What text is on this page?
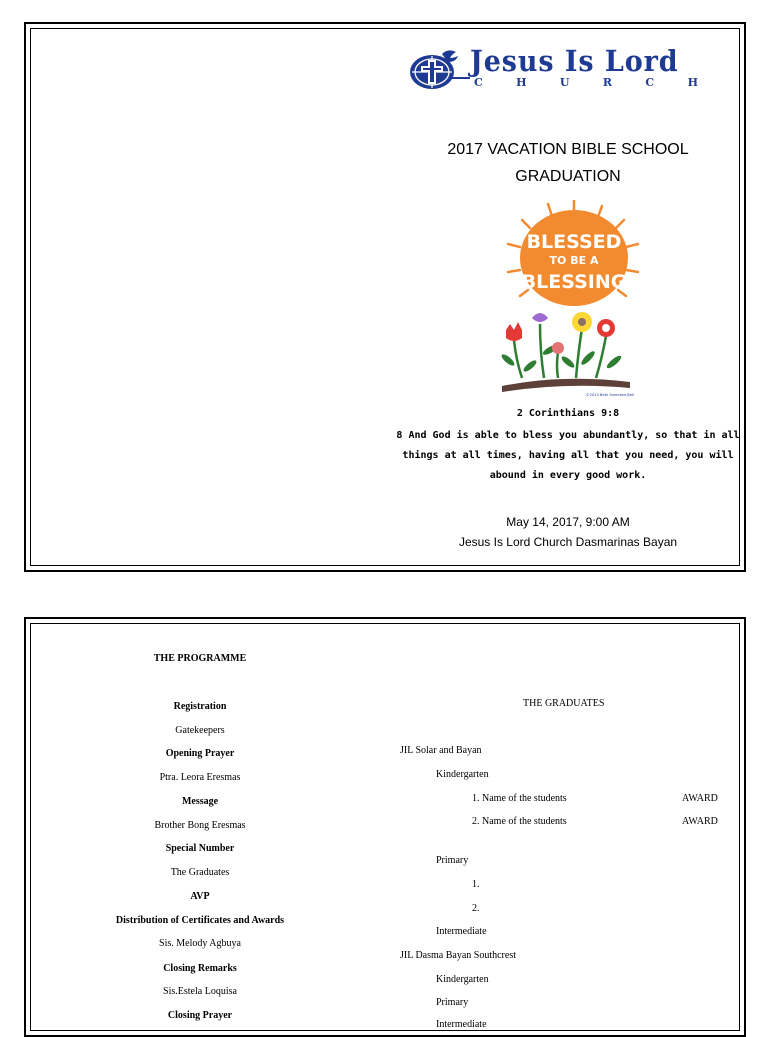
Jesus Is Lord
C	H	U	R	C	H
2017 VACATION BIBLE SCHOOL
GRADUATION
BLESSED
TO BE A
BLESSING
©2013 Beth Sorensen-Bell
2 Corinthians 9:8
8 And God is able to bless you abundantly, so that in all
things at all times, having all that you need, you will
abound in every good work.
May 14, 2017, 9:00 AM
Jesus Is Lord Church Dasmarinas Bayan
THE PROGRAMME
Registration
Gatekeepers
Opening Prayer
Ptra. Leora Eresmas
Message
Brother Bong Eresmas
Special Number
The Graduates
AVP
Distribution of Certificates and Awards
Sis. Melody Agbuya
Closing Remarks
Sis.Estela Loquisa
Closing Prayer
THE GRADUATES
JIL Solar and Bayan
Kindergarten
1. Name of the students	AWARD
2. Name of the students	AWARD
Primary
1.
2.
Intermediate
JIL Dasma Bayan Southcrest
Kindergarten
Primary
Intermediate
